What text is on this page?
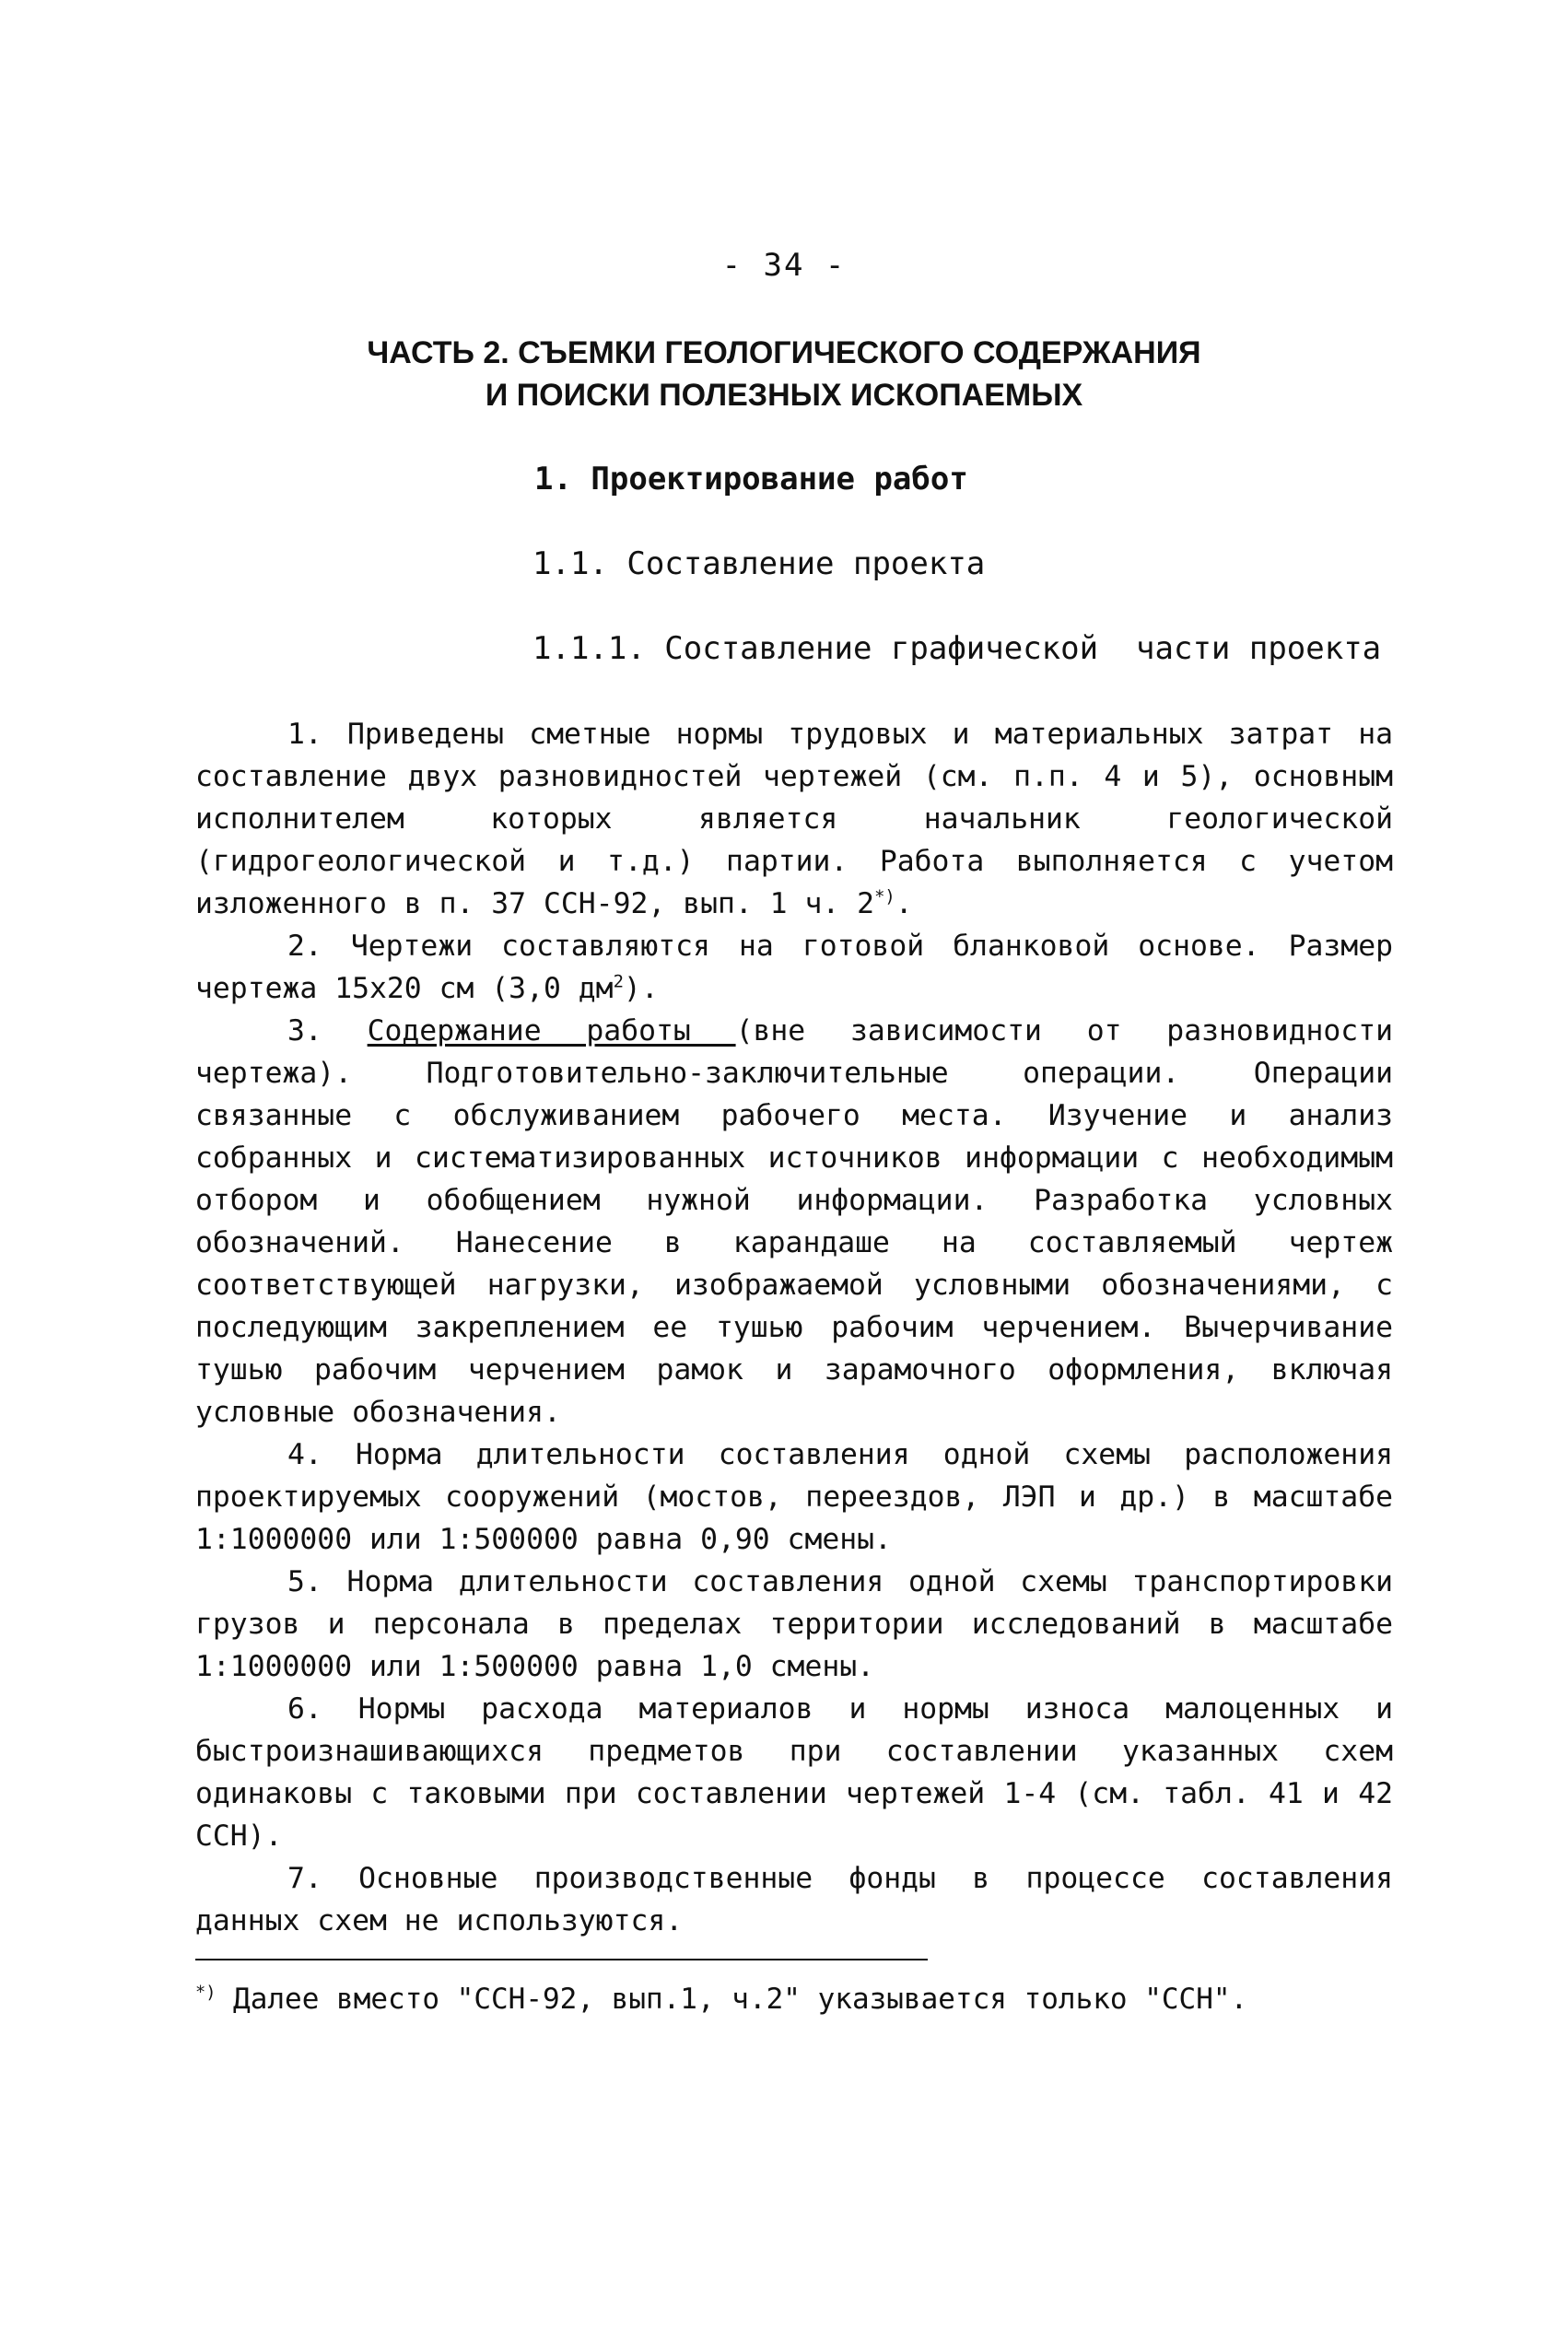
- 34 -
ЧАСТЬ 2. СЪЕМКИ ГЕОЛОГИЧЕСКОГО СОДЕРЖАНИЯ
И ПОИСКИ ПОЛЕЗНЫХ ИСКОПАЕМЫХ
1. Проектирование работ
1.1. Составление проекта
1.1.1. Составление графической  части проекта

1. Приведены сметные нормы трудовых и материальных затрат на составление двух разновидностей чертежей (см. п.п. 4 и 5), основным исполнителем которых является начальник геологической (гидрогеологической и т.д.) партии. Работа выполняется с учетом изложенного в п. 37 ССН-92, вып. 1 ч. 2*).

2. Чертежи составляются на готовой бланковой основе. Размер чертежа 15х20 см (3,0 $дм^2$).

3. Содержание работы (вне зависимости от разновидности чертежа). Подготовительно-заключительные операции. Операции связанные с обслуживанием рабочего места. Изучение и анализ собранных и систематизированных источников информации с необходимым отбором и обобщением нужной информации. Разработка условных обозначений. Нанесение в карандаше на составляемый чертеж соответствующей нагрузки, изображаемой условными обозначениями, с последующим закреплением ее тушью рабочим черчением. Вычерчивание тушью рабочим черчением рамок и зарамочного оформления, включая условные обозначения.

4. Норма длительности составления одной схемы расположения проектируемых сооружений (мостов, переездов, ЛЭП и др.) в масштабе 1:1000000 или 1:500000 равна 0,90 смены.

5. Норма длительности составления одной схемы транспортировки грузов и персонала в пределах территории исследований в масштабе 1:1000000 или 1:500000 равна 1,0 смены.

6. Нормы расхода материалов и нормы износа малоценных и быстроизнашивающихся предметов при составлении указанных схем одинаковы с таковыми при составлении чертежей 1-4 (см. табл. 41 и 42 ССН).

7. Основные производственные фонды в процессе составления данных схем не используются.

*) Далее вместо "ССН-92, вып.1, ч.2" указывается только "ССН".
